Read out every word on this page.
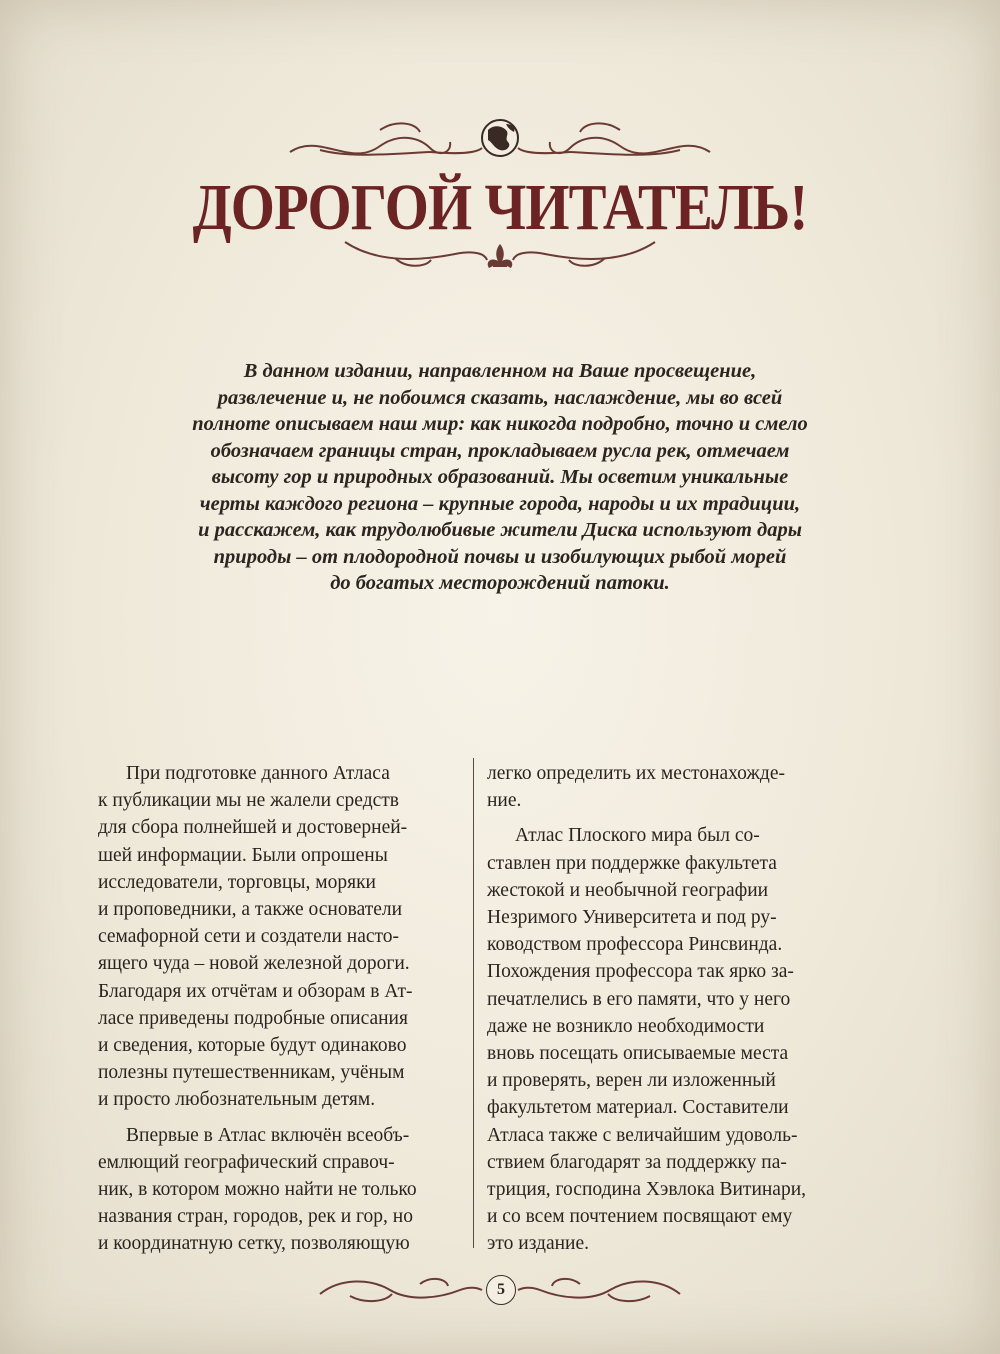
ДОРОГОЙ ЧИТАТЕЛЬ!
В данном издании, направленном на Ваше просвещение,
развлечение и, не побоимся сказать, наслаждение, мы во всей
полноте описываем наш мир: как никогда подробно, точно и смело
обозначаем границы стран, прокладываем русла рек, отмечаем
высоту гор и природных образований. Мы осветим уникальные
черты каждого региона – крупные города, народы и их традиции,
и расскажем, как трудолюбивые жители Диска используют дары
природы – от плодородной почвы и изобилующих рыбой морей
до богатых месторождений патоки.
При подготовке данного Атласа
к публикации мы не жалели средств
для сбора полнейшей и достоверней-
шей информации. Были опрошены
исследователи, торговцы, моряки
и проповедники, а также основатели
семафорной сети и создатели насто-
ящего чуда – новой железной дороги.
Благодаря их отчётам и обзорам в Ат-
ласе приведены подробные описания
и сведения, которые будут одинаково
полезны путешественникам, учёным
и просто любознательным детям.
Впервые в Атлас включён всеобъ-
емлющий географический справоч-
ник, в котором можно найти не только
названия стран, городов, рек и гор, но
и координатную сетку, позволяющую
легко определить их местонахожде-
ние.
Атлас Плоского мира был со-
ставлен при поддержке факультета
жестокой и необычной географии
Незримого Университета и под ру-
ководством профессора Ринсвинда.
Похождения профессора так ярко за-
печатлелись в его памяти, что у него
даже не возникло необходимости
вновь посещать описываемые места
и проверять, верен ли изложенный
факультетом материал. Составители
Атласа также с величайшим удоволь-
ствием благодарят за поддержку па-
триция, господина Хэвлока Витинари,
и со всем почтением посвящают ему
это издание.
5
